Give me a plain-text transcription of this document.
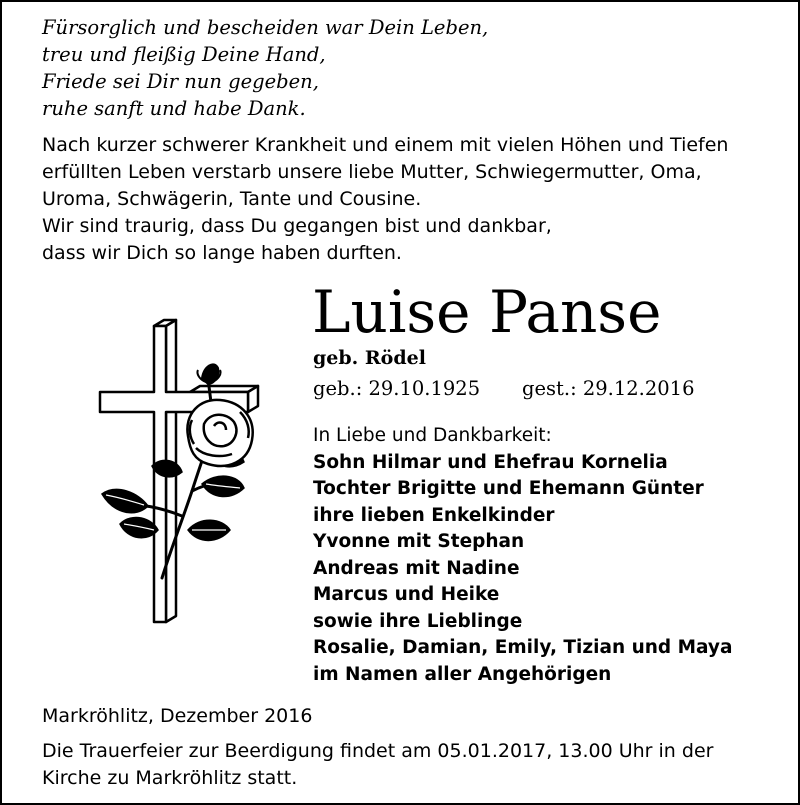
Fürsorglich und bescheiden war Dein Leben,
treu und fleißig Deine Hand,
Friede sei Dir nun gegeben,
ruhe sanft und habe Dank.
Nach kurzer schwerer Krankheit und einem mit vielen Höhen und Tiefen
erfüllten Leben verstarb unsere liebe Mutter, Schwiegermutter, Oma,
Uroma, Schwägerin, Tante und Cousine.
Wir sind traurig, dass Du gegangen bist und dankbar,
dass wir Dich so lange haben durften.
Luise Panse
geb. Rödel
geb.: 29.10.1925 gest.: 29.12.2016
In Liebe und Dankbarkeit:
Sohn Hilmar und Ehefrau Kornelia
Tochter Brigitte und Ehemann Günter
ihre lieben Enkelkinder
Yvonne mit Stephan
Andreas mit Nadine
Marcus und Heike
sowie ihre Lieblinge
Rosalie, Damian, Emily, Tizian und Maya
im Namen aller Angehörigen
Markröhlitz, Dezember 2016
Die Trauerfeier zur Beerdigung findet am 05.01.2017, 13.00 Uhr in der
Kirche zu Markröhlitz statt.
